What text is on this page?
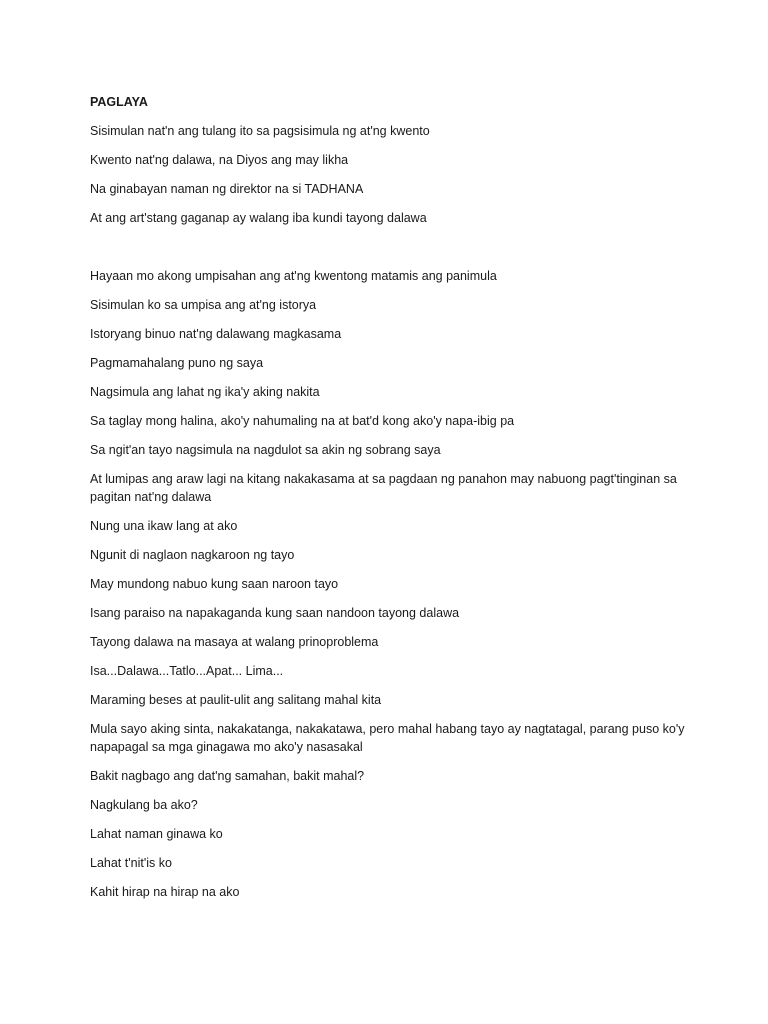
PAGLAYA
Sisimulan nat'n ang tulang ito sa pagsisimula ng at'ng kwento
Kwento nat'ng dalawa, na Diyos ang may likha
Na ginabayan naman ng direktor na si TADHANA
At ang art'stang gaganap ay walang iba kundi tayong dalawa
Hayaan mo akong umpisahan ang at'ng kwentong matamis ang panimula
Sisimulan ko sa umpisa ang at'ng istorya
Istoryang binuo nat'ng dalawang magkasama
Pagmamahalang puno ng saya
Nagsimula ang lahat ng ika'y aking nakita
Sa taglay mong halina, ako'y nahumaling na at bat'd kong ako'y napa-ibig pa
Sa ngit'an tayo nagsimula na nagdulot sa akin ng sobrang saya
At lumipas ang araw lagi na kitang nakakasama at sa pagdaan ng panahon may nabuong pagt'tinginan sa pagitan nat'ng dalawa
Nung una ikaw lang at ako
Ngunit di naglaon nagkaroon ng tayo
May mundong nabuo kung saan naroon tayo
Isang paraiso na napakaganda kung saan nandoon tayong dalawa
Tayong dalawa na masaya at walang prinoproblema
Isa...Dalawa...Tatlo...Apat... Lima...
Maraming beses at paulit-ulit ang salitang mahal kita
Mula sayo aking sinta, nakakatanga, nakakatawa, pero mahal habang tayo ay nagtatagal, parang puso ko'y napapagal sa mga ginagawa mo ako'y nasasakal
Bakit nagbago ang dat'ng samahan, bakit mahal?
Nagkulang ba ako?
Lahat naman ginawa ko
Lahat t'nit'is ko
Kahit hirap na hirap na ako
